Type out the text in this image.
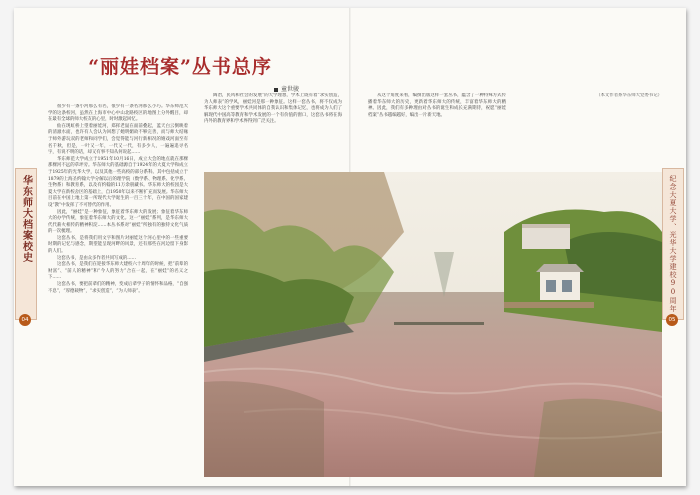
“丽娃档案”丛书总序
童世骏

很少有一条小河那么有名，很少有一条名河那么小巧。华东师范大学的这条校河，虽然在上海市中心中山北路校区的地图上分外醒目，却在最有全球的师大校友的心里，时时激起回忆。

仙在现虹桥上望着丽娃河，郑挥老鼠在面前叠起，蓝天白云倒映着的清澈水面，也许有人会认为回想了她明媚故不够完善，而与师大结缘于师外游玩双的老师和同学们，会觉得能与河行新相况的嬉戏河面至有名千秋，但是，一叶又一年，一代又一代，有多少人，一遍遍追寻名字，有说不明的话，却又有事不知从何说起……

华东师范大学成立于1951年10月16日，成立大会的地点就在那棵那棵河不远的草坪旁。华东师大的基础源自于1924年的大夏大学和成立于1925年的光华大学，以及其他一些高校的部分系科。其中包括成立于1879的上海圣约翰大学分解以后的理学院（数学系、物理系、化学系、生物系）和教育系，以及有约翰的11万余册藏书。华东师大的校园是大夏大学在新校舍区的基础上，自1950年以来不断扩充而发展。华东师大目前在中国上地上第一所现代大学诞生的一百三十年，在中国的国家建设“教”中发挥了不可替代的作用。

因此，“丽娃”是一种象征，象征着华东师大的发展；象征着华东师大的办学传统，象征着华东师大的文化。这一“丽娃”系列，是华东师大代代薪火相传的精神积淀……本丛书系对“丽娃”所独有的独特文化气质的一次梳理。

这套丛书，是将我们用文字和图片对丽娃这个河心里中的一些重要时期的记忆与感念，期望能呈现河畔的风景，还有那些在河边留下身影的人们。

这套丛书，是由众多作者共同写成的……

这套丛书，是我们在迎接华东师大建校六十周年的时候，把“前辈的财富”、“前人的精神”和“今人的努力”合在一起，在“丽娃”的名义之下……

这套丛书，要把前辈们的精神，变成后辈学子的情怀和品格，“自强不息”，“厚德载物”，“求实创造”，“为人师表”。

陶冶，民风和社会的发展”的大学理想，学术上既有着“求实创造，为人师表”的学风，丽娃河是那一种象征。这样一套丛书，将不仅成为华东师大这个重要学术共同体的自我认识和集体记忆，也将成为人们了解现代中国高等教育和学术发展的一个有价值的窗口，这套丛书将在海内外的教育界和学术界得到广泛关注。

从这个角度来看，编撰出版这样一套丛书，蕴含了一种特殊方式传播着华东师大的历史，更新着华东师大的传统，丰富着华东师大的精神。因此，我们有多种理由对丛书的诞生和成长充满期待，祝愿“丽娃档案”丛书越编越好，编出一片新天地。

（本文作者系华东师大党委书记）

华东师大档案校史
04
纪念大夏大学、光华大学建校90周年
05
